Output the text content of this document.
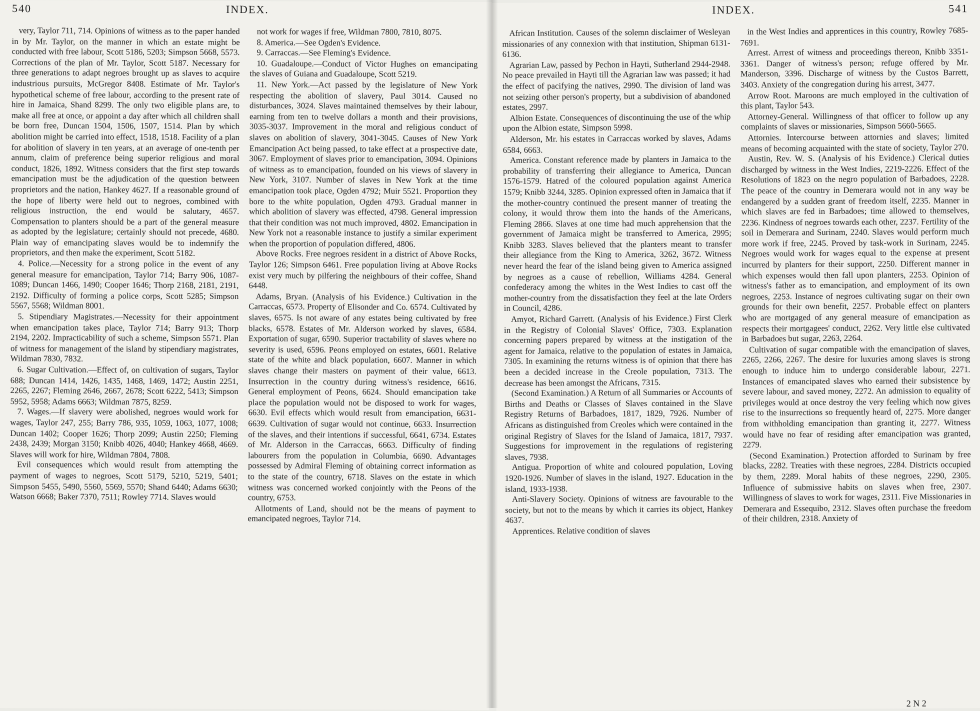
540	INDEX.

very, Taylor 711, 714. Opinions of witness as to the paper handed in by Mr. Taylor, on the manner in which an estate might be conducted with free labour, Scott 5186, 5203; Simpson 5668, 5573. Corrections of the plan of Mr. Taylor, Scott 5187. Necessary for three generations to adapt negroes brought up as slaves to acquire industrious pursuits, McGregor 8408. Estimate of Mr. Taylor's hypothetical scheme of free labour, according to the present rate of hire in Jamaica, Shand 8299. The only two eligible plans are, to make all free at once, or appoint a day after which all children shall be born free, Duncan 1504, 1506, 1507, 1514. Plan by which abolition might be carried into effect, 1518, 1518. Facility of a plan for abolition of slavery in ten years, at an average of one-tenth per annum, claim of preference being superior religious and moral conduct, 1826, 1892. Witness considers that the first step towards emancipation must be the adjudication of the question between proprietors and the nation, Hankey 4627. If a reasonable ground of the hope of liberty were held out to negroes, combined with religious instruction, the end would be salutary, 4657. Compensation to planters should be a part of the general measure as adopted by the legislature; certainly should not precede, 4680. Plain way of emancipating slaves would be to indemnify the proprietors, and then make the experiment, Scott 5182.

4. Police.—Necessity for a strong police in the event of any general measure for emancipation, Taylor 714; Barry 906, 1087-1089; Duncan 1466, 1490; Cooper 1646; Thorp 2168, 2181, 2191, 2192. Difficulty of forming a police corps, Scott 5285; Simpson 5567, 5568; Wildman 8001.

5. Stipendiary Magistrates.—Necessity for their appointment when emancipation takes place, Taylor 714; Barry 913; Thorp 2194, 2202. Impracticability of such a scheme, Simpson 5571. Plan of witness for management of the island by stipendiary magistrates, Wildman 7830, 7832.

6. Sugar Cultivation.—Effect of, on cultivation of sugars, Taylor 688; Duncan 1414, 1426, 1435, 1468, 1469, 1472; Austin 2251, 2265, 2267; Fleming 2646, 2667, 2678; Scott 6222, 5413; Simpson 5952, 5958; Adams 6663; Wildman 7875, 8259.

7. Wages.—If slavery were abolished, negroes would work for wages, Taylor 247, 255; Barry 786, 935, 1059, 1063, 1077, 1008; Duncan 1402; Cooper 1626; Thorp 2099; Austin 2250; Fleming 2438, 2439; Morgan 3150; Knibb 4026, 4040; Hankey 4668, 4669. Slaves will work for hire, Wildman 7804, 7808.

Evil consequences which would result from attempting the payment of wages to negroes, Scott 5179, 5210, 5219, 5401; Simpson 5455, 5490, 5560, 5569, 5570; Shand 6440; Adams 6630; Watson 6668; Baker 7370, 7511; Rowley 7714. Slaves would

not work for wages if free, Wildman 7800, 7810, 8075.

8. America.—See Ogden's Evidence.

9. Carraccas.—See Fleming's Evidence.

10. Guadaloupe.—Conduct of Victor Hughes on emancipating the slaves of Guiana and Guadaloupe, Scott 5219.

11. New York.—Act passed by the legislature of New York respecting the abolition of slavery, Paul 3014. Caused no disturbances, 3024. Slaves maintained themselves by their labour, earning from ten to twelve dollars a month and their provisions, 3035-3037. Improvement in the moral and religious conduct of slaves on abolition of slavery, 3041-3045. Causes of New York Emancipation Act being passed, to take effect at a prospective date, 3067. Employment of slaves prior to emancipation, 3094. Opinions of witness as to emancipation, founded on his views of slavery in New York, 3107. Number of slaves in New York at the time emancipation took place, Ogden 4792; Muir 5521. Proportion they bore to the white population, Ogden 4793. Gradual manner in which abolition of slavery was effected, 4798. General impression that their condition was not much improved, 4802. Emancipation in New York not a reasonable instance to justify a similar experiment when the proportion of population differed, 4806.

Above Rocks. Free negroes resident in a district of Above Rocks, Taylor 126; Simpson 6461. Free population living at Above Rocks exist very much by pilfering the neighbours of their coffee, Shand 6448.

Adams, Bryan. (Analysis of his Evidence.) Cultivation in the Carraccas, 6573. Property of Elisonder and Co. 6574. Cultivated by slaves, 6575. Is not aware of any estates being cultivated by free blacks, 6578. Estates of Mr. Alderson worked by slaves, 6584. Exportation of sugar, 6590. Superior tractability of slaves where no severity is used, 6596. Peons employed on estates, 6601. Relative state of the white and black population, 6607. Manner in which slaves change their masters on payment of their value, 6613. Insurrection in the country during witness's residence, 6616. General employment of Peons, 6624. Should emancipation take place the population would not be disposed to work for wages, 6630. Evil effects which would result from emancipation, 6631-6639. Cultivation of sugar would not continue, 6633. Insurrection of the slaves, and their intentions if successful, 6641, 6734. Estates of Mr. Alderson in the Carraccas, 6663. Difficulty of finding labourers from the population in Columbia, 6690. Advantages possessed by Admiral Fleming of obtaining correct information as to the state of the country, 6718. Slaves on the estate in which witness was concerned worked conjointly with the Peons of the country, 6753.

Allotments of Land, should not be the means of payment to emancipated negroes, Taylor 714.

INDEX.	541

African Institution. Causes of the solemn disclaimer of Wesleyan missionaries of any connexion with that institution, Shipman 6131-6136.

Agrarian Law, passed by Pechon in Hayti, Sutherland 2944-2948. No peace prevailed in Hayti till the Agrarian law was passed; it had the effect of pacifying the natives, 2990. The division of land was not seizing other person's property, but a subdivision of abandoned estates, 2997.

Albion Estate. Consequences of discontinuing the use of the whip upon the Albion estate, Simpson 5998.

Alderson, Mr. his estates in Carraccas worked by slaves, Adams 6584, 6663.

America. Constant reference made by planters in Jamaica to the probability of transferring their allegiance to America, Duncan 1576-1579. Hatred of the coloured population against America 1579; Knibb 3244, 3285. Opinion expressed often in Jamaica that if the mother-country continued the present manner of treating the colony, it would throw them into the hands of the Americans, Fleming 2866. Slaves at one time had much apprehension that the government of Jamaica might be transferred to America, 2995; Knibb 3283. Slaves believed that the planters meant to transfer their allegiance from the King to America, 3262, 3672. Witness never heard the fear of the island being given to America assigned by negroes as a cause of rebellion, Williams 4284. General confederacy among the whites in the West Indies to cast off the mother-country from the dissatisfaction they feel at the late Orders in Council, 4286.

Amyot, Richard Garrett. (Analysis of his Evidence.) First Clerk in the Registry of Colonial Slaves' Office, 7303. Explanation concerning papers prepared by witness at the instigation of the agent for Jamaica, relative to the population of estates in Jamaica, 7305. In examining the returns witness is of opinion that there has been a decided increase in the Creole population, 7313. The decrease has been amongst the Africans, 7315.

(Second Examination.) A Return of all Summaries or Accounts of Births and Deaths or Classes of Slaves contained in the Slave Registry Returns of Barbadoes, 1817, 1829, 7926. Number of Africans as distinguished from Creoles which were contained in the original Registry of Slaves for the Island of Jamaica, 1817, 7937. Suggestions for improvement in the regulations of registering slaves, 7938.

Antigua. Proportion of white and coloured population, Loving 1920-1926. Number of slaves in the island, 1927. Education in the island, 1933-1938.

Anti-Slavery Society. Opinions of witness are favourable to the society, but not to the means by which it carries its object, Hankey 4637.

Apprentices. Relative condition of slaves

in the West Indies and apprentices in this country, Rowley 7685-7691.

Arrest. Arrest of witness and proceedings thereon, Knibb 3351-3361. Danger of witness's person; refuge offered by Mr. Manderson, 3396. Discharge of witness by the Custos Barrett, 3403. Anxiety of the congregation during his arrest, 3477.

Arrow Root. Maroons are much employed in the cultivation of this plant, Taylor 543.

Attorney-General. Willingness of that officer to follow up any complaints of slaves or missionaries, Simpson 5660-5665.

Attornies. Intercourse between attornies and slaves; limited means of becoming acquainted with the state of society, Taylor 270.

Austin, Rev. W. S. (Analysis of his Evidence.) Clerical duties discharged by witness in the West Indies, 2219-2226. Effect of the Resolutions of 1823 on the negro population of Barbadoes, 2228. The peace of the country in Demerara would not in any way be endangered by a sudden grant of freedom itself, 2235. Manner in which slaves are fed in Barbadoes; time allowed to themselves, 2236. Kindness of negroes towards each other, 2237. Fertility of the soil in Demerara and Surinam, 2240. Slaves would perform much more work if free, 2245. Proved by task-work in Surinam, 2245. Negroes would work for wages equal to the expense at present incurred by planters for their support, 2250. Different manner in which expenses would then fall upon planters, 2253. Opinion of witness's father as to emancipation, and employment of its own negroes, 2253. Instance of negroes cultivating sugar on their own grounds for their own benefit, 2257. Probable effect on planters who are mortgaged of any general measure of emancipation as respects their mortgagees' conduct, 2262. Very little else cultivated in Barbadoes but sugar, 2263, 2264.

Cultivation of sugar compatible with the emancipation of slaves, 2265, 2266, 2267. The desire for luxuries among slaves is strong enough to induce him to undergo considerable labour, 2271. Instances of emancipated slaves who earned their subsistence by severe labour, and saved money, 2272. An admission to equality of privileges would at once destroy the very feeling which now gives rise to the insurrections so frequently heard of, 2275. More danger from withholding emancipation than granting it, 2277. Witness would have no fear of residing after emancipation was granted, 2279.

(Second Examination.) Protection afforded to Surinam by free blacks, 2282. Treaties with these negroes, 2284. Districts occupied by them, 2289. Moral habits of these negroes, 2290, 2305. Influence of submissive habits on slaves when free, 2307. Willingness of slaves to work for wages, 2311. Five Missionaries in Demerara and Essequibo, 2312. Slaves often purchase the freedom of their children, 2318. Anxiety of

2 N 2
